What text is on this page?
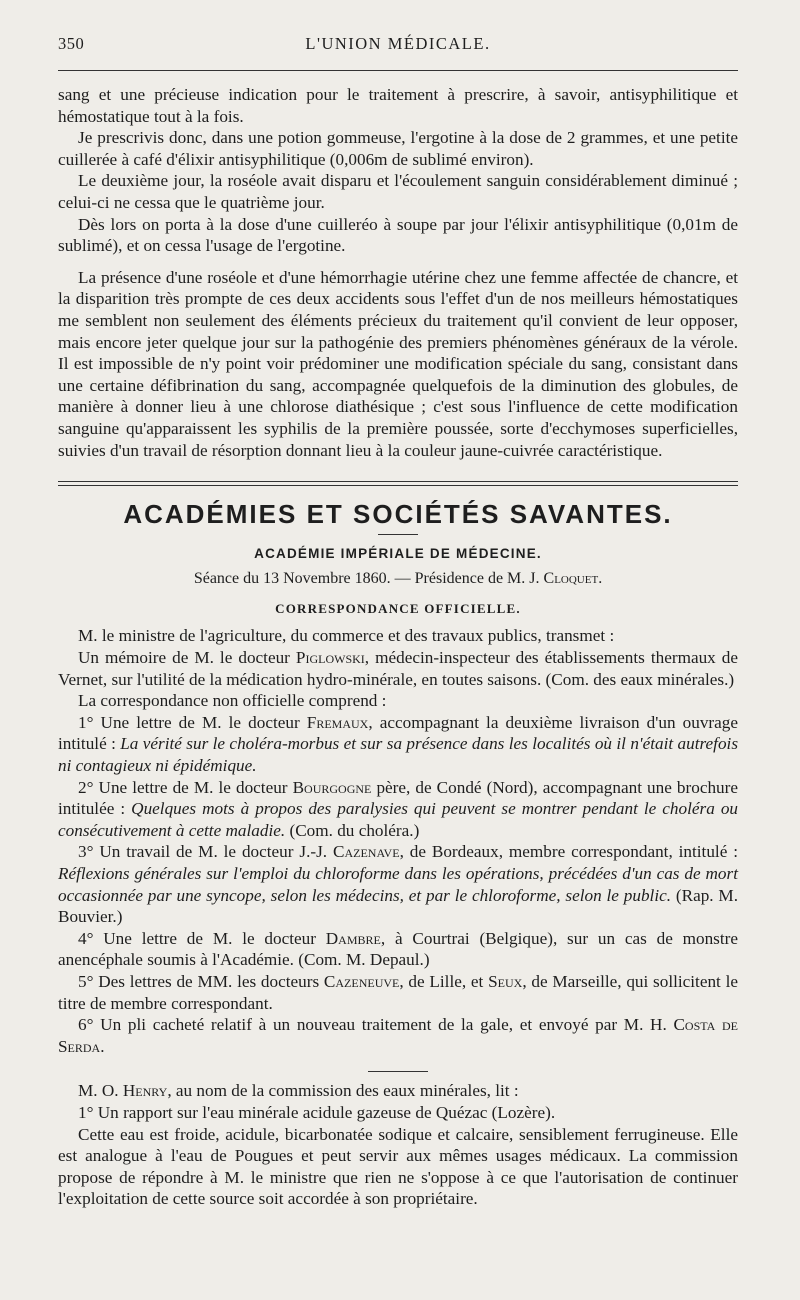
350	L'UNION MÉDICALE.

sang et une précieuse indication pour le traitement à prescrire, à savoir, antisyphilitique et hémostatique tout à la fois.

Je prescrivis donc, dans une potion gommeuse, l'ergotine à la dose de 2 grammes, et une petite cuillerée à café d'élixir antisyphilitique (0,006m de sublimé environ).

Le deuxième jour, la roséole avait disparu et l'écoulement sanguin considérablement diminué ; celui-ci ne cessa que le quatrième jour.

Dès lors on porta à la dose d'une cuilleréo à soupe par jour l'élixir antisyphilitique (0,01m de sublimé), et on cessa l'usage de l'ergotine.

La présence d'une roséole et d'une hémorrhagie utérine chez une femme affectée de chancre, et la disparition très prompte de ces deux accidents sous l'effet d'un de nos meilleurs hémostatiques me semblent non seulement des éléments précieux du traitement qu'il convient de leur opposer, mais encore jeter quelque jour sur la pathogénie des premiers phénomènes généraux de la vérole. Il est impossible de n'y point voir prédominer une modification spéciale du sang, consistant dans une certaine défibrination du sang, accompagnée quelquefois de la diminution des globules, de manière à donner lieu à une chlorose diathésique ; c'est sous l'influence de cette modification sanguine qu'apparaissent les syphilis de la première poussée, sorte d'ecchymoses superficielles, suivies d'un travail de résorption donnant lieu à la couleur jaune-cuivrée caractéristique.

ACADÉMIES ET SOCIÉTÉS SAVANTES.
ACADÉMIE IMPÉRIALE DE MÉDECINE.
Séance du 13 Novembre 1860. — Présidence de M. J. Cloquet.
CORRESPONDANCE OFFICIELLE.

M. le ministre de l'agriculture, du commerce et des travaux publics, transmet :

Un mémoire de M. le docteur Piglowski, médecin-inspecteur des établissements thermaux de Vernet, sur l'utilité de la médication hydro-minérale, en toutes saisons. (Com. des eaux minérales.)

La correspondance non officielle comprend :

1° Une lettre de M. le docteur Fremaux, accompagnant la deuxième livraison d'un ouvrage intitulé : La vérité sur le choléra-morbus et sur sa présence dans les localités où il n'était autrefois ni contagieux ni épidémique.

2° Une lettre de M. le docteur Bourgogne père, de Condé (Nord), accompagnant une brochure intitulée : Quelques mots à propos des paralysies qui peuvent se montrer pendant le choléra ou consécutivement à cette maladie. (Com. du choléra.)

3° Un travail de M. le docteur J.-J. Cazenave, de Bordeaux, membre correspondant, intitulé : Réflexions générales sur l'emploi du chloroforme dans les opérations, précédées d'un cas de mort occasionnée par une syncope, selon les médecins, et par le chloroforme, selon le public. (Rap. M. Bouvier.)

4° Une lettre de M. le docteur Dambre, à Courtrai (Belgique), sur un cas de monstre anencéphale soumis à l'Académie. (Com. M. Depaul.)

5° Des lettres de MM. les docteurs Cazeneuve, de Lille, et Seux, de Marseille, qui sollicitent le titre de membre correspondant.

6° Un pli cacheté relatif à un nouveau traitement de la gale, et envoyé par M. H. Costa de Serda.

M. O. Henry, au nom de la commission des eaux minérales, lit :

1° Un rapport sur l'eau minérale acidule gazeuse de Quézac (Lozère).

Cette eau est froide, acidule, bicarbonatée sodique et calcaire, sensiblement ferrugineuse. Elle est analogue à l'eau de Pougues et peut servir aux mêmes usages médicaux. La commission propose de répondre à M. le ministre que rien ne s'oppose à ce que l'autorisation de continuer l'exploitation de cette source soit accordée à son propriétaire.
